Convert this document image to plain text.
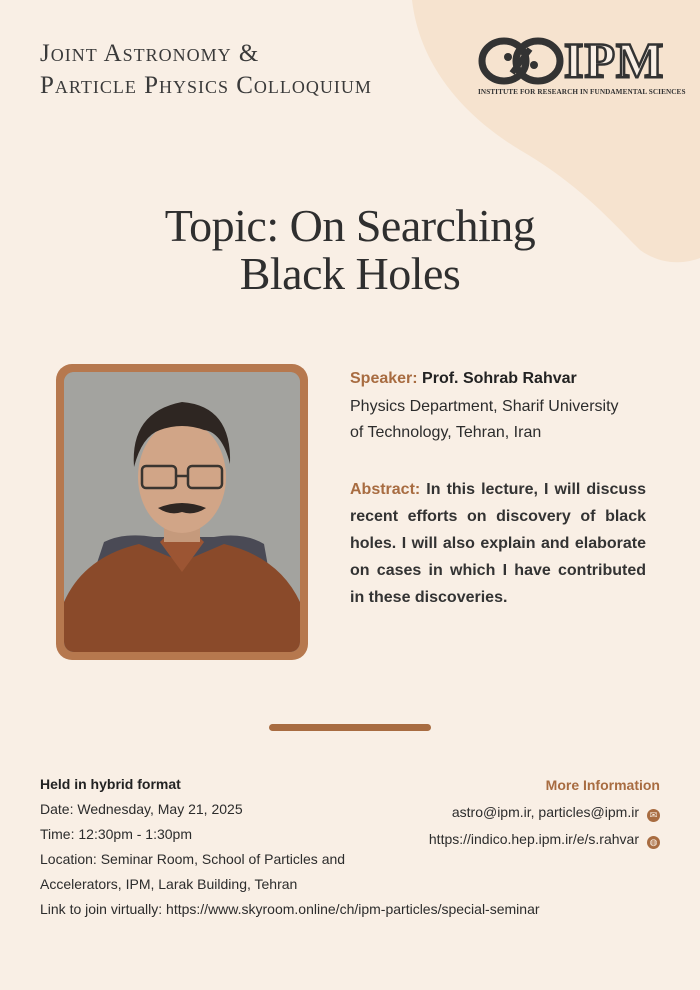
Joint Astronomy &
Particle Physics Colloquium	IPM
INSTITUTE FOR RESEARCH IN FUNDAMENTAL SCIENCES
Topic: On Searching
Black Holes
Speaker: Prof. Sohrab Rahvar
Physics Department, Sharif University
of Technology, Tehran, Iran
Abstract: In this lecture, I will discuss recent efforts on discovery of black holes. I will also explain and elaborate on cases in which I have contributed in these discoveries.
Held in hybrid format
Date: Wednesday, May 21, 2025
Time: 12:30pm - 1:30pm
Location: Seminar Room, School of Particles and
Accelerators, IPM, Larak Building, Tehran
Link to join virtually: https://www.skyroom.online/ch/ipm-particles/special-seminar
More Information
astro@ipm.ir, particles@ipm.ir ✉
https://indico.hep.ipm.ir/e/s.rahvar ◍
